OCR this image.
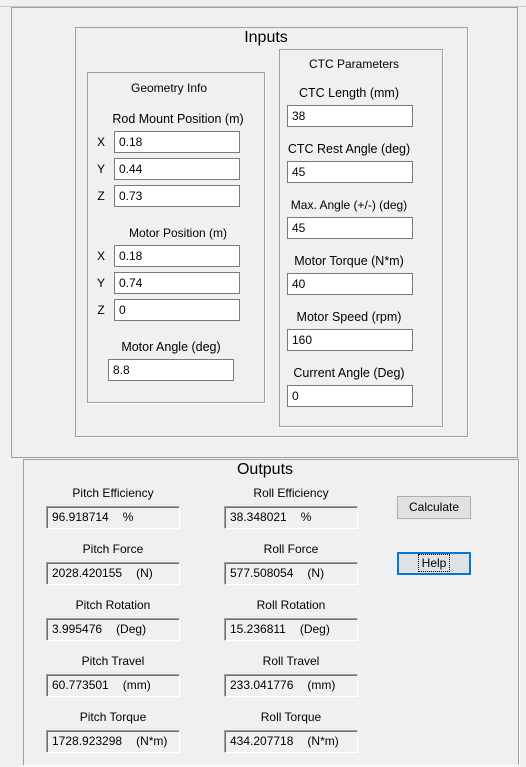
Inputs
Geometry Info
Rod Mount Position (m)
X
0.18
Y
0.44
Z
0.73
Motor Position (m)
X
0.18
Y
0.74
Z
0
Motor Angle (deg)
8.8
CTC Parameters
CTC Length (mm)
38
CTC Rest Angle (deg)
45
Max. Angle (+/-) (deg)
45
Motor Torque (N*m)
40
Motor Speed (rpm)
160
Current Angle (Deg)
0
Outputs
Pitch Efficiency
96.918714 %
Roll Efficiency
38.348021 %
Pitch Force
2028.420155 (N)
Roll Force
577.508054 (N)
Pitch Rotation
3.995476 (Deg)
Roll Rotation
15.236811 (Deg)
Pitch Travel
60.773501 (mm)
Roll Travel
233.041776 (mm)
Pitch Torque
1728.923298 (N*m)
Roll Torque
434.207718 (N*m)
Calculate
Help
